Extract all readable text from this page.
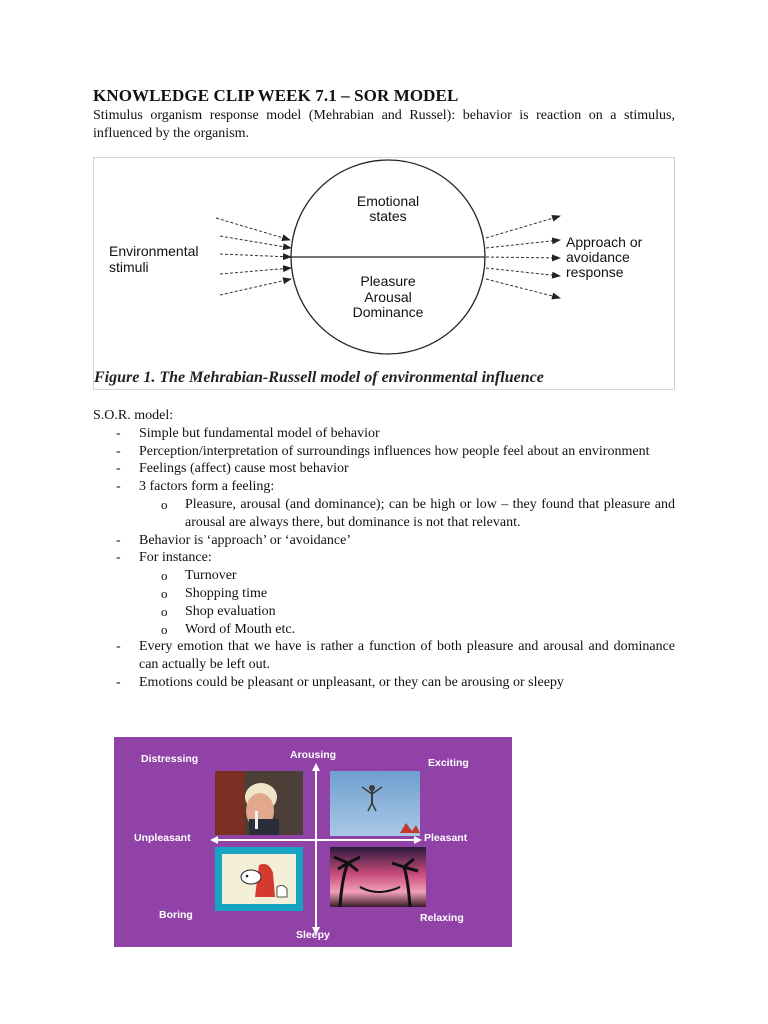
KNOWLEDGE CLIP WEEK 7.1 – SOR MODEL
Stimulus organism response model (Mehrabian and Russel): behavior is reaction on a stimulus, influenced by the organism.
Environmental
stimuli
Emotional
states
Pleasure
Arousal
Dominance
Approach or
avoidance
response
Figure 1. The Mehrabian-Russell model of environmental influence

S.O.R. model:

- Simple but fundamental model of behavior
- Perception/interpretation of surroundings influences how people feel about an environment
- Feelings (affect) cause most behavior
- 3 factors form a feeling:
o Pleasure, arousal (and dominance); can be high or low – they found that pleasure and arousal are always there, but dominance is not that relevant.
- Behavior is ‘approach’ or ‘avoidance’
- For instance:
o Turnover
o Shopping time
o Shop evaluation
o Word of Mouth etc.
- Every emotion that we have is rather a function of both pleasure and arousal and dominance can actually be left out.
- Emotions could be pleasant or unpleasant, or they can be arousing or sleepy
Arousing
Sleepy
Pleasant
Unpleasant
Distressing	Exciting
Boring	Relaxing
